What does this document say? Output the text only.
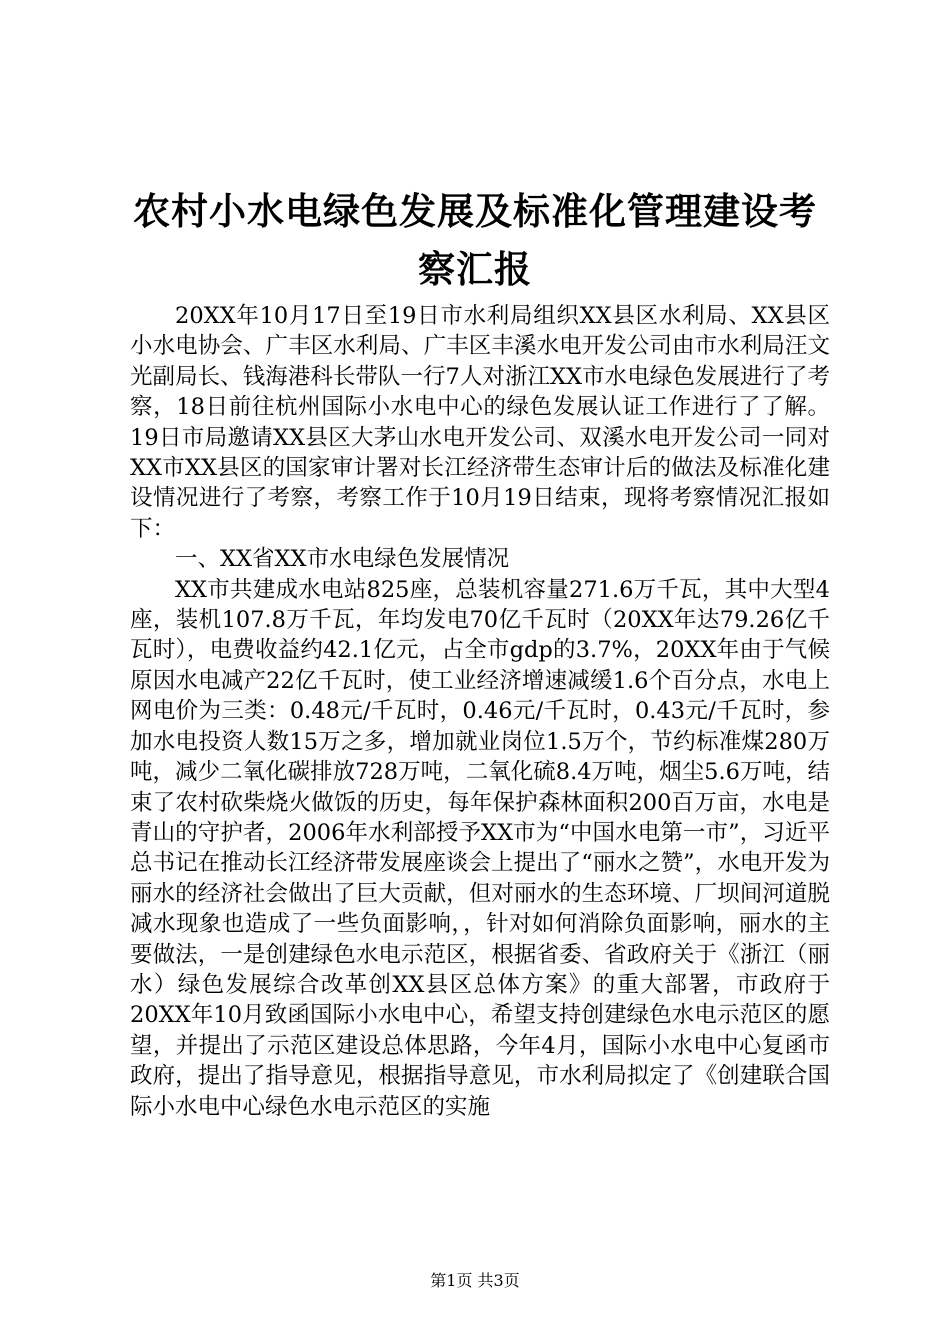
农村小水电绿色发展及标准化管理建设考察汇报

20XX年10月17日至19日市水利局组织XX县区水利局、XX县区小水电协会、广丰区水利局、广丰区丰溪水电开发公司由市水利局汪文光副局长、钱海港科长带队一行7人对浙江XX市水电绿色发展进行了考察，18日前往杭州国际小水电中心的绿色发展认证工作进行了了解。19日市局邀请XX县区大茅山水电开发公司、双溪水电开发公司一同对XX市XX县区的国家审计署对长江经济带生态审计后的做法及标准化建设情况进行了考察，考察工作于10月19日结束，现将考察情况汇报如下：

一、XX省XX市水电绿色发展情况

XX市共建成水电站825座，总装机容量271.6万千瓦，其中大型4座，装机107.8万千瓦，年均发电70亿千瓦时（20XX年达79.26亿千瓦时），电费收益约42.1亿元，占全市gdp的3.7%，20XX年由于气候原因水电减产22亿千瓦时，使工业经济增速减缓1.6个百分点，水电上网电价为三类：0.48元/千瓦时，0.46元/千瓦时，0.43元/千瓦时，参加水电投资人数15万之多，增加就业岗位1.5万个，节约标准煤280万吨，减少二氧化碳排放728万吨，二氧化硫8.4万吨，烟尘5.6万吨，结束了农村砍柴烧火做饭的历史，每年保护森林面积200百万亩，水电是青山的守护者，2006年水利部授予XX市为“中国水电第一市”，习近平总书记在推动长江经济带发展座谈会上提出了“丽水之赞”，水电开发为丽水的经济社会做出了巨大贡献，但对丽水的生态环境、厂坝间河道脱减水现象也造成了一些负面影响，，针对如何消除负面影响，丽水的主要做法，一是创建绿色水电示范区，根据省委、省政府关于《浙江（丽水）绿色发展综合改革创XX县区总体方案》的重大部署，市政府于20XX年10月致函国际小水电中心，希望支持创建绿色水电示范区的愿望，并提出了示范区建设总体思路，今年4月，国际小水电中心复函市政府，提出了指导意见，根据指导意见，市水利局拟定了《创建联合国际小水电中心绿色水电示范区的实施

第1页 共3页
